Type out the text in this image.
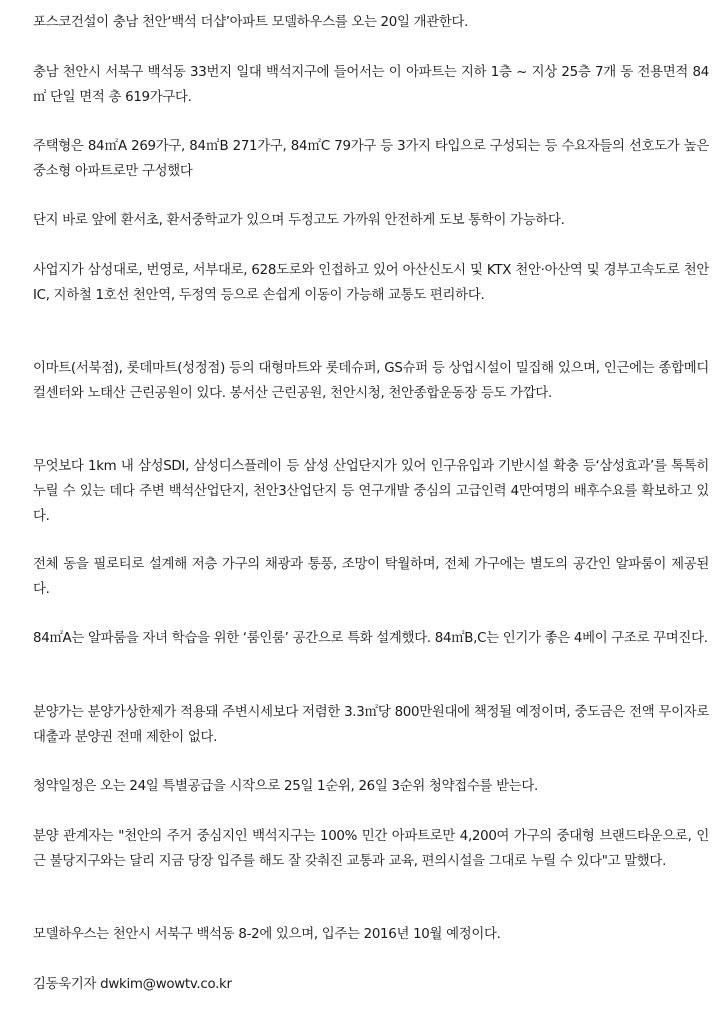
포스코건설이 충남 천안‘백석 더샵’아파트 모델하우스를 오는 20일 개관한다.

충남 천안시 서북구 백석동 33번지 일대 백석지구에 들어서는 이 아파트는 지하 1층 ~ 지상 25층 7개 동 전용면적 84㎡ 단일 면적 총 619가구다.

주택형은 84㎡A 269가구, 84㎡B 271가구, 84㎡C 79가구 등 3가지 타입으로 구성되는 등 수요자들의 선호도가 높은 중소형 아파트로만 구성했다

단지 바로 앞에 환서초, 환서중학교가 있으며 두정고도 가까워 안전하게 도보 통학이 가능하다.

사업지가 삼성대로, 번영로, 서부대로, 628도로와 인접하고 있어 아산신도시 및 KTX 천안·아산역 및 경부고속도로 천안 IC, 지하철 1호선 천안역, 두정역 등으로 손쉽게 이동이 가능해 교통도 편리하다.

이마트(서북점), 롯데마트(성정점) 등의 대형마트와 롯데슈퍼, GS슈퍼 등 상업시설이 밀집해 있으며, 인근에는 종합메디컬센터와 노태산 근린공원이 있다. 봉서산 근린공원, 천안시청, 천안종합운동장 등도 가깝다.

무엇보다 1km 내 삼성SDI, 삼성디스플레이 등 삼성 산업단지가 있어 인구유입과 기반시설 확충 등‘삼성효과’를 톡톡히 누릴 수 있는 데다 주변 백석산업단지, 천안3산업단지 등 연구개발 중심의 고급인력 4만여명의 배후수요를 확보하고 있다.

전체 동을 필로티로 설계해 저층 가구의 채광과 통풍, 조망이 탁월하며, 전체 가구에는 별도의 공간인 알파룸이 제공된다.

84㎡A는 알파룸을 자녀 학습을 위한 ‘룸인룸’ 공간으로 특화 설계했다. 84㎡B,C는 인기가 좋은 4베이 구조로 꾸며진다.

분양가는 분양가상한제가 적용돼 주변시세보다 저렴한 3.3㎡당 800만원대에 책정될 예정이며, 중도금은 전액 무이자로 대출과 분양권 전매 제한이 없다.

청약일정은 오는 24일 특별공급을 시작으로 25일 1순위, 26일 3순위 청약접수를 받는다.

분양 관계자는 "천안의 주거 중심지인 백석지구는 100% 민간 아파트로만 4,200여 가구의 중대형 브랜드타운으로, 인근 불당지구와는 달리 지금 당장 입주를 해도 잘 갖춰진 교통과 교육, 편의시설을 그대로 누릴 수 있다"고 말했다.

모델하우스는 천안시 서북구 백석동 8-2에 있으며, 입주는 2016년 10월 예정이다.

김동욱기자 dwkim@wowtv.co.kr
